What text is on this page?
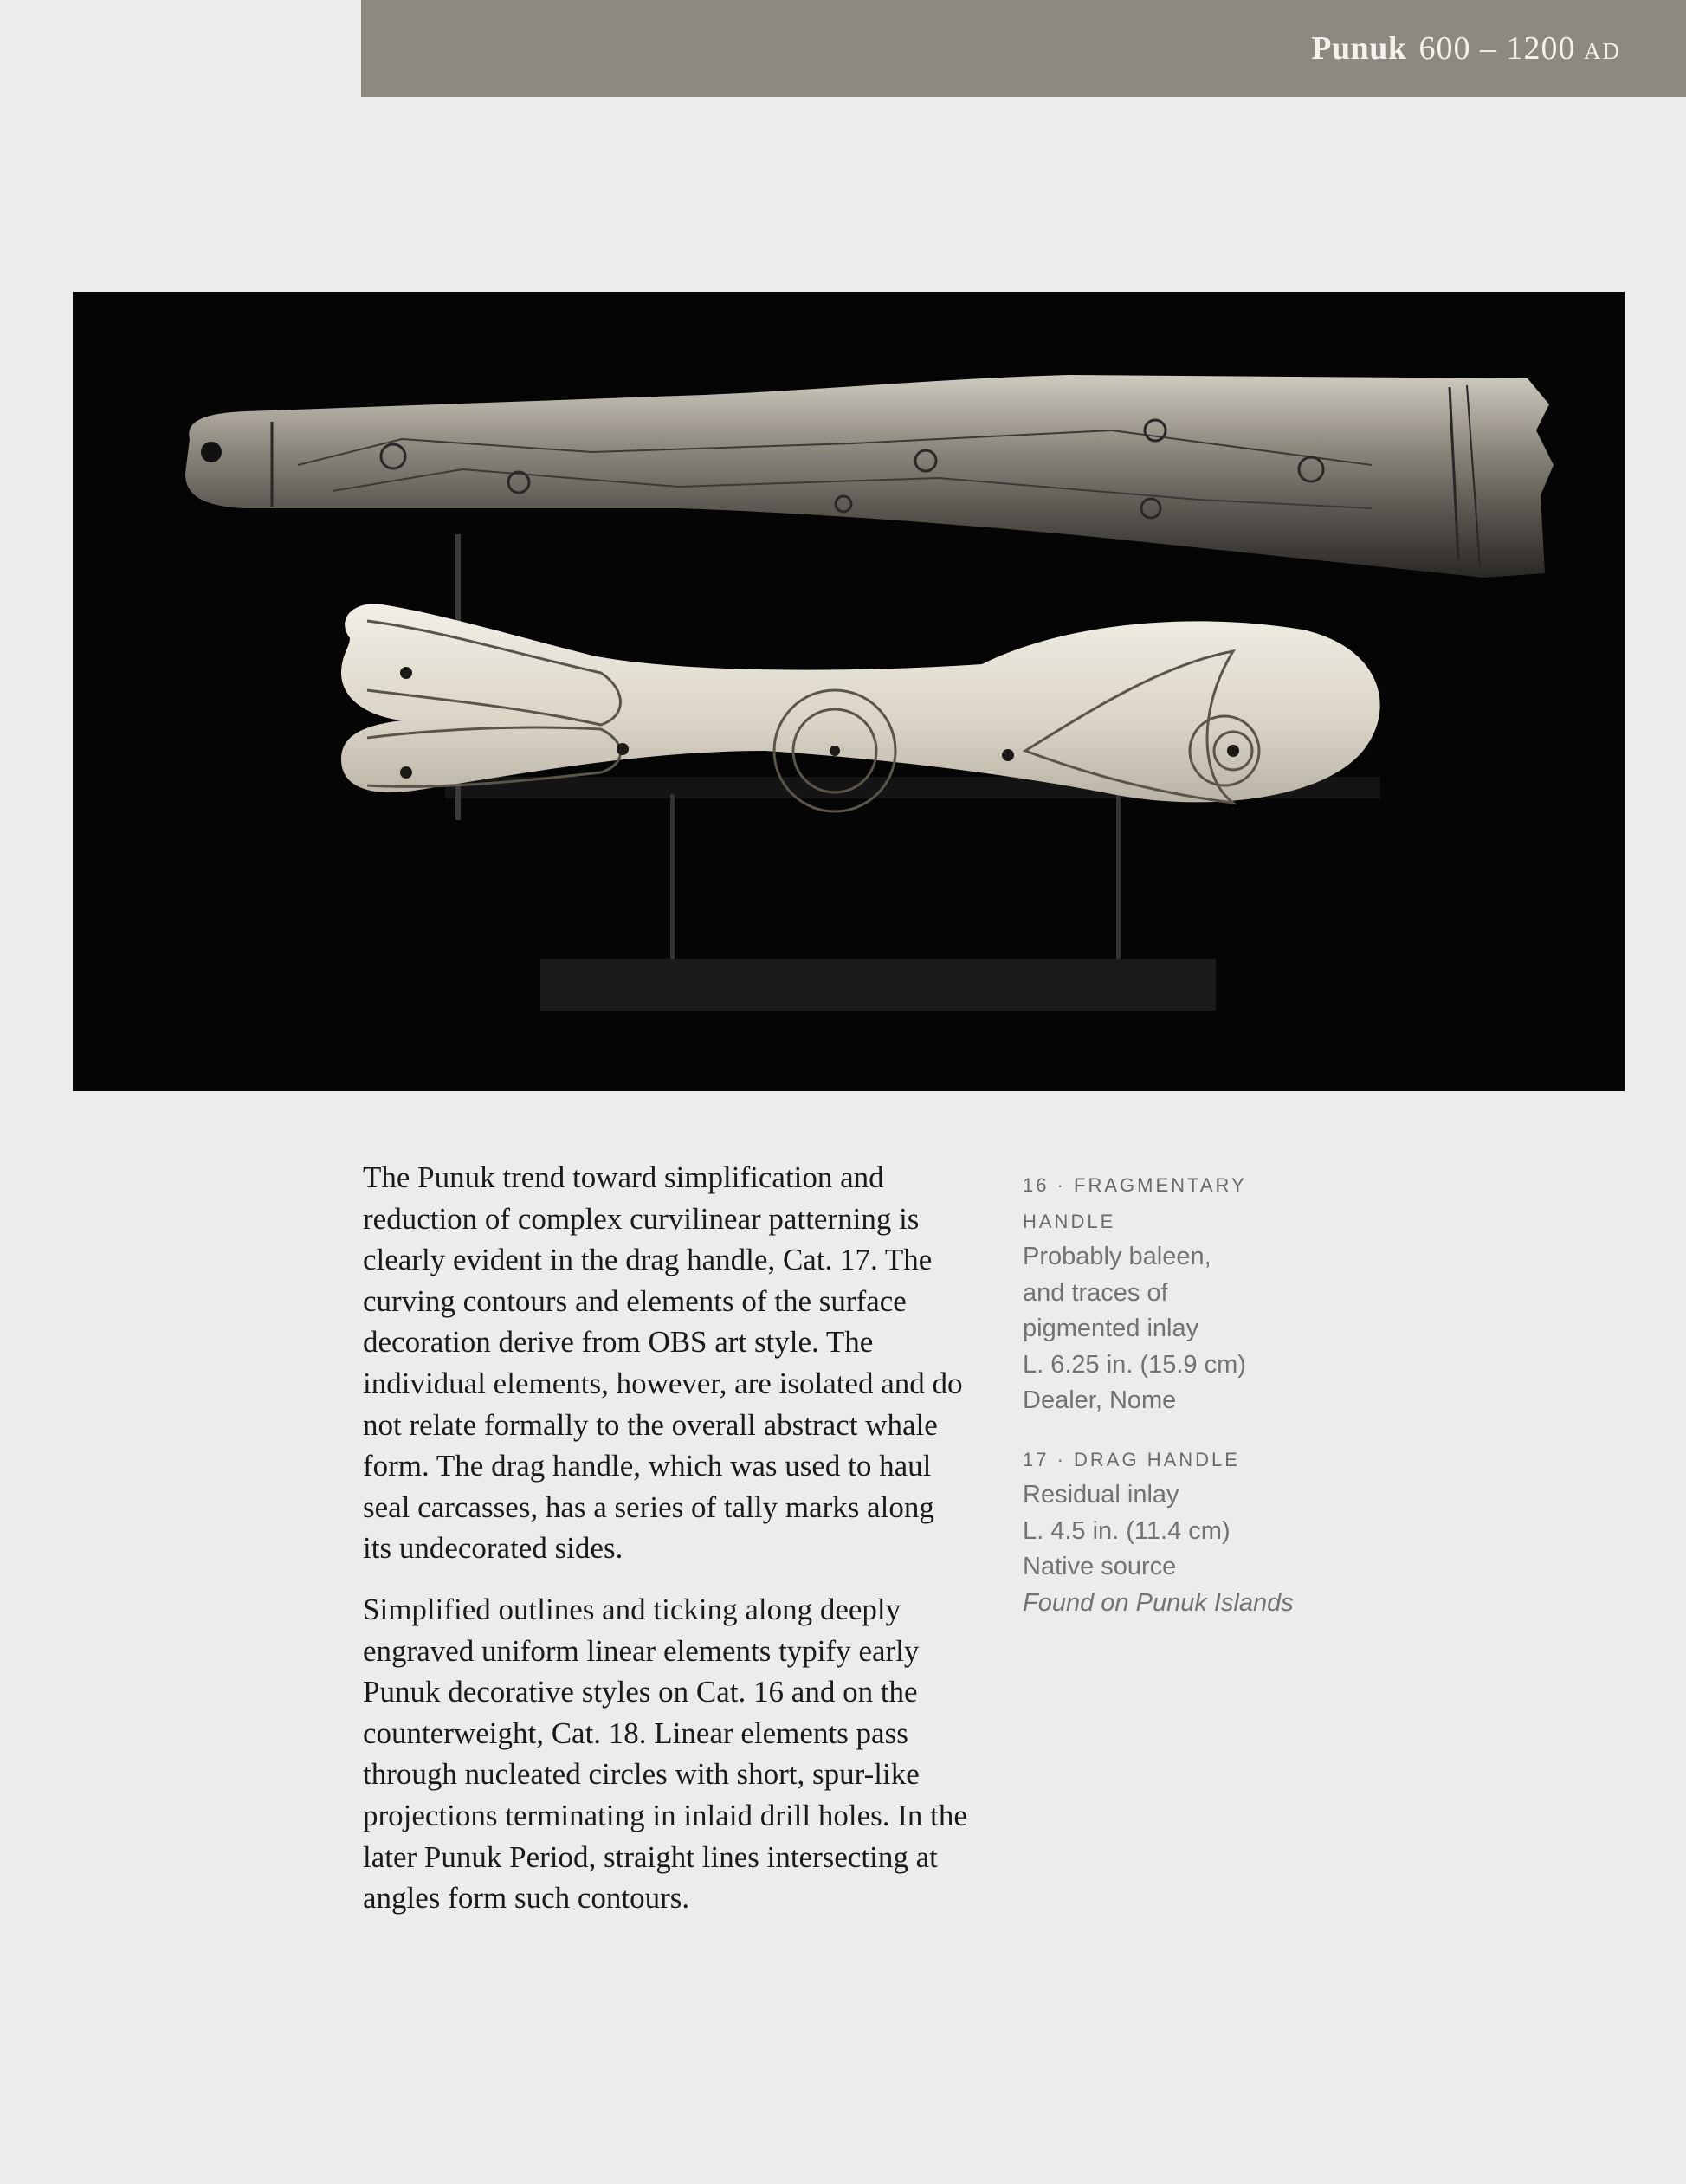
Punuk 600 – 1200 AD

The Punuk trend toward simplification and reduction of complex curvilinear patterning is clearly evident in the drag handle, Cat. 17. The curving contours and elements of the surface decoration derive from OBS art style. The individual elements, however, are isolated and do not relate formally to the overall abstract whale form. The drag handle, which was used to haul seal carcasses, has a series of tally marks along its undecorated sides.

Simplified outlines and ticking along deeply engraved uniform linear elements typify early Punuk decorative styles on Cat. 16 and on the counterweight, Cat. 18. Linear elements pass through nucleated circles with short, spur-like projections terminating in inlaid drill holes. In the later Punuk Period, straight lines intersecting at angles form such contours.

16 · FRAGMENTARY HANDLE
Probably baleen,
and traces of
pigmented inlay
L. 6.25 in. (15.9 cm)
Dealer, Nome
17 · DRAG HANDLE
Residual inlay
L. 4.5 in. (11.4 cm)
Native source
Found on Punuk Islands
